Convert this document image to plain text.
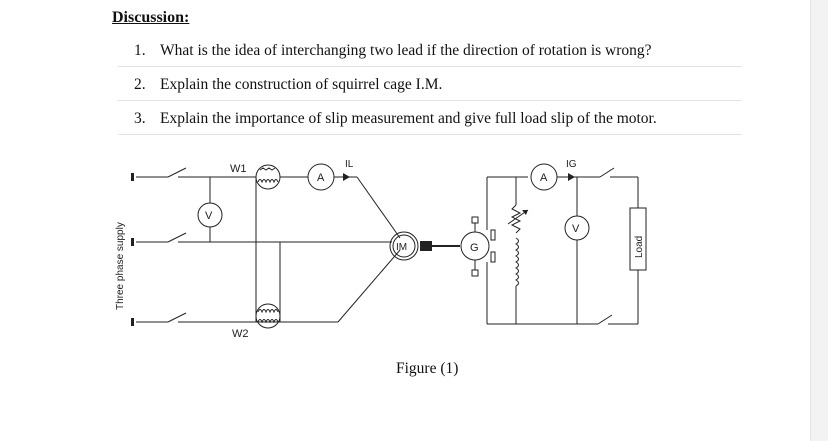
Discussion:
1. What is the idea of interchanging two lead if the direction of rotation is wrong?
2. Explain the construction of squirrel cage I.M.
3. Explain the importance of slip measurement and give full load slip of the motor.
Three phase supply
V
W1
W2
A
IL
IM	G
A
IG
V
Load
Figure (1)
